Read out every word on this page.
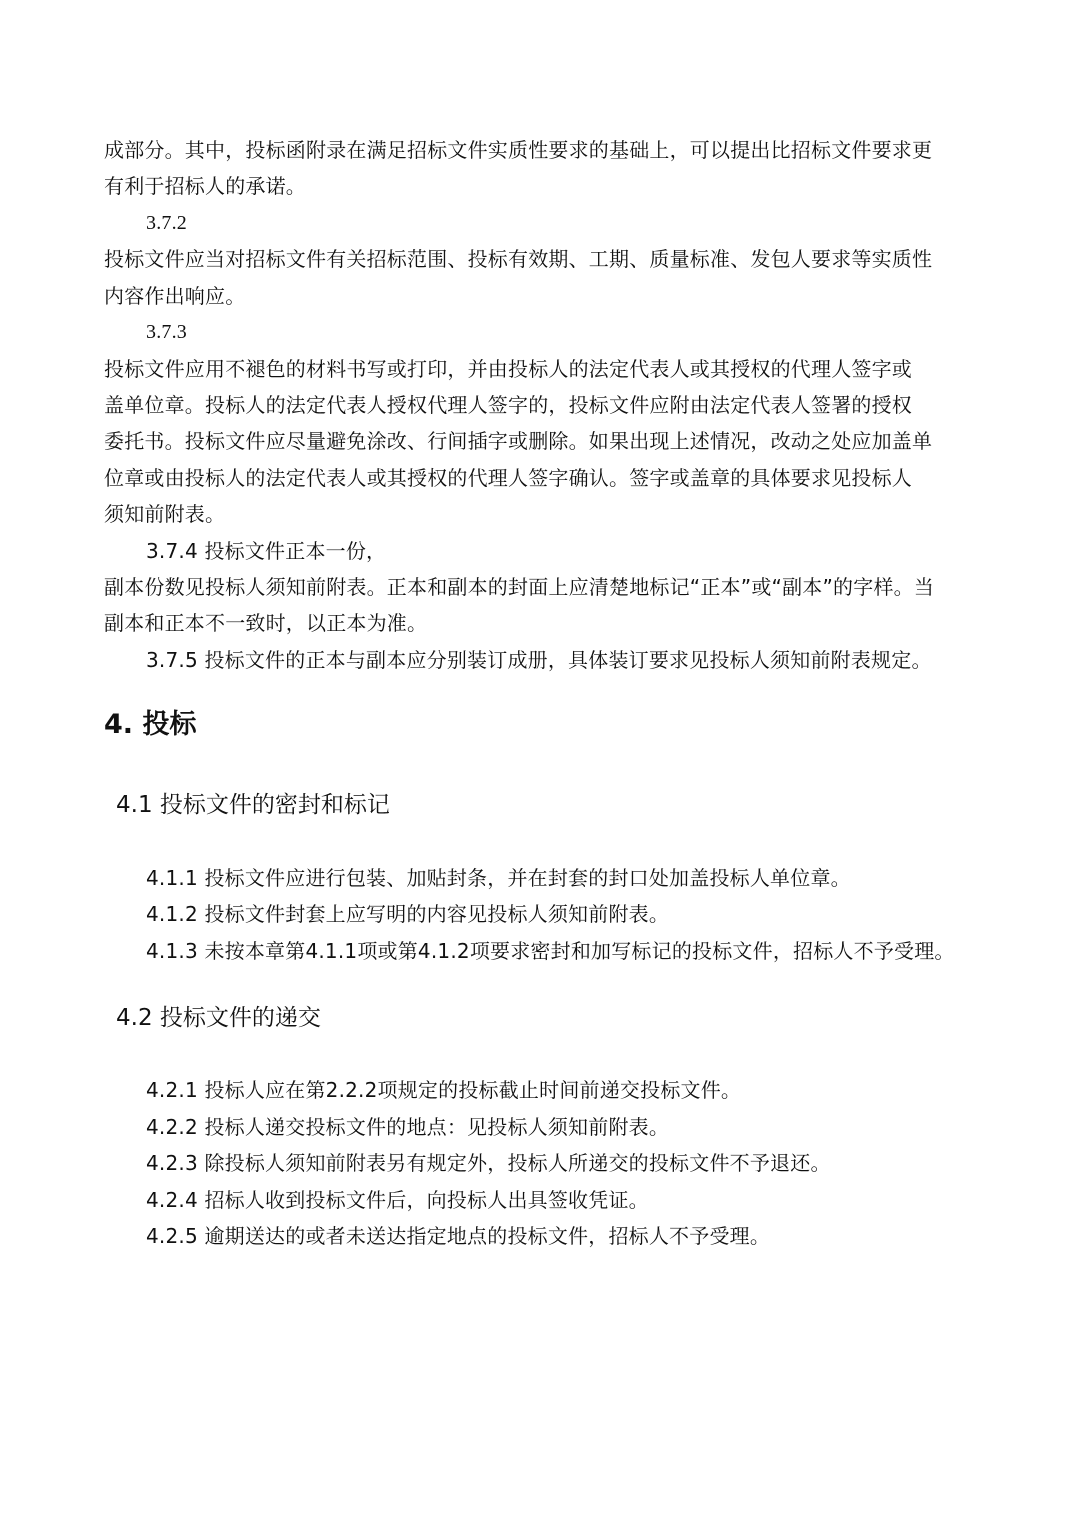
成部分。其中，投标函附录在满足招标文件实质性要求的基础上，可以提出比招标文件要求更
有利于招标人的承诺。
3.7.2
投标文件应当对招标文件有关招标范围、投标有效期、工期、质量标准、发包人要求等实质性
内容作出响应。
3.7.3
投标文件应用不褪色的材料书写或打印，并由投标人的法定代表人或其授权的代理人签字或
盖单位章。投标人的法定代表人授权代理人签字的，投标文件应附由法定代表人签署的授权
委托书。投标文件应尽量避免涂改、行间插字或删除。如果出现上述情况，改动之处应加盖单
位章或由投标人的法定代表人或其授权的代理人签字确认。签字或盖章的具体要求见投标人
须知前附表。
3.7.4 投标文件正本一份，
副本份数见投标人须知前附表。正本和副本的封面上应清楚地标记“正本”或“副本”的字样。当
副本和正本不一致时，以正本为准。
3.7.5 投标文件的正本与副本应分别装订成册，具体装订要求见投标人须知前附表规定。
4. 投标
4.1 投标文件的密封和标记
4.1.1 投标文件应进行包装、加贴封条，并在封套的封口处加盖投标人单位章。
4.1.2 投标文件封套上应写明的内容见投标人须知前附表。
4.1.3 未按本章第4.1.1项或第4.1.2项要求密封和加写标记的投标文件，招标人不予受理。
4.2 投标文件的递交
4.2.1 投标人应在第2.2.2项规定的投标截止时间前递交投标文件。
4.2.2 投标人递交投标文件的地点：见投标人须知前附表。
4.2.3 除投标人须知前附表另有规定外，投标人所递交的投标文件不予退还。
4.2.4 招标人收到投标文件后，向投标人出具签收凭证。
4.2.5 逾期送达的或者未送达指定地点的投标文件，招标人不予受理。
